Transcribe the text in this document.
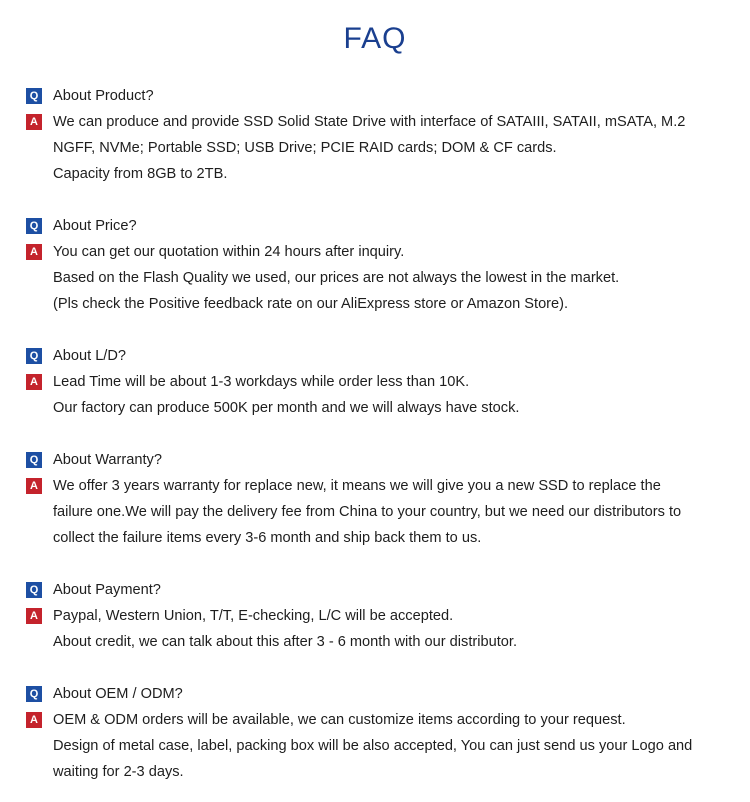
FAQ
Q About Product?
A We can produce and provide SSD Solid State Drive with interface of SATAIII, SATAII, mSATA, M.2
NGFF, NVMe; Portable SSD; USB Drive; PCIE RAID cards; DOM & CF cards.
Capacity from 8GB to 2TB.
Q About Price?
A You can get our quotation within 24 hours after inquiry.
Based on the Flash Quality we used, our prices are not always the lowest in the market.
(Pls check the Positive feedback rate on our AliExpress store or Amazon Store).
Q About L/D?
A Lead Time will be about 1-3 workdays while order less than 10K.
Our factory can produce 500K per month and we will always have stock.
Q About Warranty?
A We offer 3 years warranty for replace new, it means we will give you a new SSD to replace the
failure one.We will pay the delivery fee from China to your country, but we need our distributors to
collect the failure items every 3-6 month and ship back them to us.
Q About Payment?
A Paypal, Western Union, T/T, E-checking, L/C will be accepted.
About credit, we can talk about this after 3 - 6 month with our distributor.
Q About OEM / ODM?
A OEM & ODM orders will be available, we can customize items according to your request.
Design of metal case, label, packing box will be also accepted, You can just send us your Logo and
waiting for 2-3 days.
